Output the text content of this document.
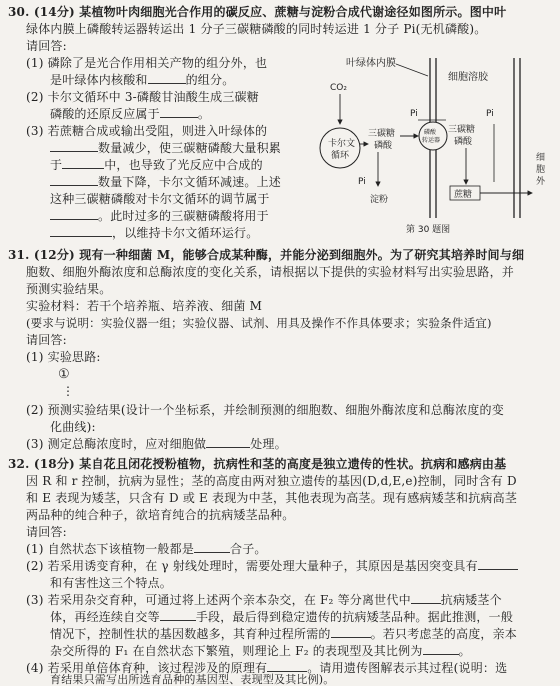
30. (14分) 某植物叶肉细胞光合作用的碳反应、蔗糖与淀粉合成代谢途径如图所示。图中叶
绿体内膜上磷酸转运器转运出 1 分子三碳糖磷酸的同时转运进 1 分子 Pi(无机磷酸)。
请回答:
(1) 磷除了是光合作用相关产物的组分外，也
是叶绿体内核酸和	的组分。
(2) 卡尔文循环中 3-磷酸甘油酸生成三碳糖
磷酸的还原反应属于	。
(3) 若蔗糖合成或输出受阻，则进入叶绿体的
数量减少，使三碳糖磷酸大量积累
于	中，也导致了光反应中合成的
数量下降，卡尔文循环减速。上述
这种三碳糖磷酸对卡尔文循环的调节属于
。此时过多的三碳糖磷酸将用于
，以维持卡尔文循环运行。
叶绿体内膜
细胞溶胶
CO₂
卡尔文
循环
三碳糖
磷酸
磷酸
转运器
Pi
三碳糖
磷酸
Pi
Pi
淀粉	蔗糖
细
胞
外
第 30 题图
31. (12分) 现有一种细菌 M，能够合成某种酶，并能分泌到细胞外。为了研究其培养时间与细
胞数、细胞外酶浓度和总酶浓度的变化关系，请根据以下提供的实验材料写出实验思路，并
预测实验结果。
实验材料：若干个培养瓶、培养液、细菌 M
(要求与说明：实验仪器一组；实验仪器、试剂、用具及操作不作具体要求；实验条件适宜)
请回答:
(1) 实验思路:
①
⋮
(2) 预测实验结果(设计一个坐标系，并绘制预测的细胞数、细胞外酶浓度和总酶浓度的变
化曲线):
(3) 测定总酶浓度时，应对细胞做	处理。
32. (18分) 某自花且闭花授粉植物，抗病性和茎的高度是独立遗传的性状。抗病和感病由基
因 R 和 r 控制，抗病为显性；茎的高度由两对独立遗传的基因(D,d,E,e)控制，同时含有 D
和 E 表现为矮茎，只含有 D 或 E 表现为中茎，其他表现为高茎。现有感病矮茎和抗病高茎
两品种的纯合种子，欲培育纯合的抗病矮茎品种。
请回答:
(1) 自然状态下该植物一般都是	合子。
(2) 若采用诱变育种，在 γ 射线处理时，需要处理大量种子，其原因是基因突变具有
和有害性这三个特点。
(3) 若采用杂交育种，可通过将上述两个亲本杂交，在 F₂ 等分离世代中	抗病矮茎个
体，再经连续自交等	手段，最后得到稳定遗传的抗病矮茎品种。据此推测，一般
情况下，控制性状的基因数越多，其育种过程所需的	。若只考虑茎的高度，亲本
杂交所得的 F₁ 在自然状态下繁殖，则理论上 F₂ 的表现型及其比例为	。
(4) 若采用单倍体育种，该过程涉及的原理有	。请用遗传图解表示其过程(说明：选
育结果只需写出所选育品种的基因型、表现型及其比例)。
